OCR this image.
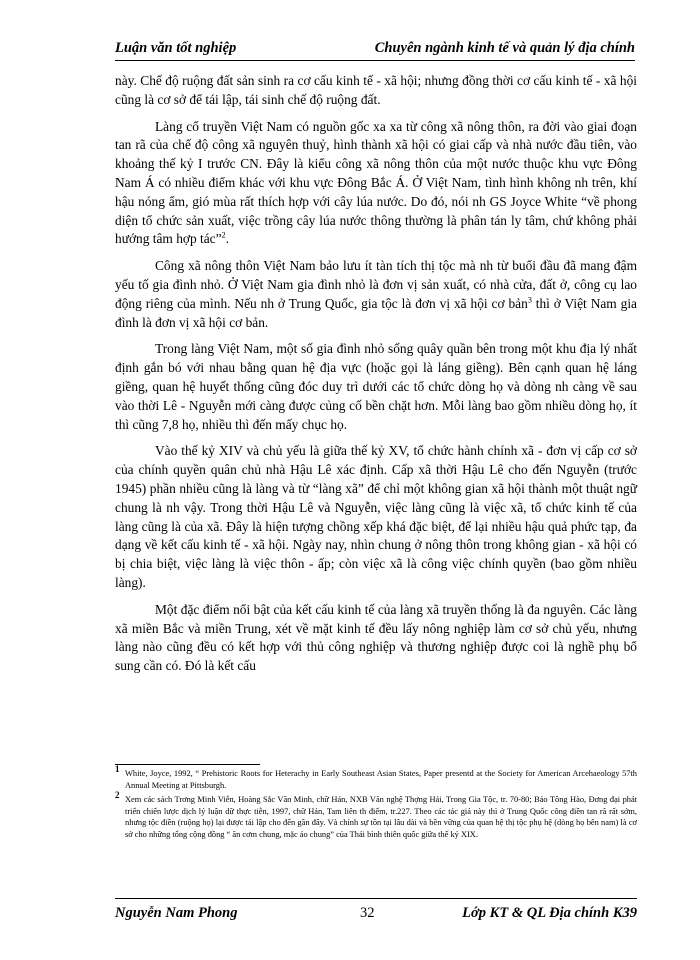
Luận văn tốt nghiệp	Chuyên ngành kinh tế và quản lý địa chính

này. Chế độ ruộng đất sản sinh ra cơ cấu kinh tế - xã hội; nhưng đồng thời cơ cấu kinh tế - xã hội cũng là cơ sở để tái lập, tái sinh chế độ ruộng đất.

Làng cổ truyền Việt Nam có nguồn gốc xa xa từ công xã nông thôn, ra đời vào giai đoạn tan rã của chế độ công xã nguyên thuỷ, hình thành xã hội có giai cấp và nhà nước đầu tiên, vào khoảng thế kỷ I trước CN. Đây là kiểu công xã nông thôn của một nước thuộc khu vực Đông Nam Á có nhiều điểm khác với khu vực Đông Bắc Á. Ở Việt Nam, tình hình không nh trên, khí hậu nóng ẩm, gió mùa rất thích hợp với cây lúa nước. Do đó, nói nh GS Joyce White “về phong diện tổ chức sản xuất, việc trồng cây lúa nước thông thường là phân tán ly tâm, chứ không phải hướng tâm hợp tác”$^2$.

Công xã nông thôn Việt Nam bảo lưu ít tàn tích thị tộc mà nh từ buổi đầu đã mang đậm yếu tố gia đình nhỏ. Ở Việt Nam gia đình nhỏ là đơn vị sản xuất, có nhà cửa, đất ở, công cụ lao động riêng của mình. Nếu nh ở Trung Quốc, gia tộc là đơn vị xã hội cơ bản$^3$ thì ở Việt Nam gia đình là đơn vị xã hội cơ bản.

Trong làng Việt Nam, một số gia đình nhỏ sống quây quần bên trong một khu địa lý nhất định gắn bó với nhau bằng quan hệ địa vực (hoặc gọi là láng giềng). Bên cạnh quan hệ láng giềng, quan hệ huyết thống cũng đóc duy trì dưới các tổ chức dòng họ và dòng nh càng về sau vào thời Lê - Nguyễn mới càng được củng cố bền chặt hơn. Mỗi làng bao gồm nhiều dòng họ, ít thì cũng 7,8 họ, nhiều thì đến mấy chục họ.

Vào thế kỷ XIV và chủ yếu là giữa thế kỷ XV, tổ chức hành chính xã - đơn vị cấp cơ sở của chính quyền quân chủ nhà Hậu Lê xác định. Cấp xã thời Hậu Lê cho đến Nguyễn (trước 1945) phần nhiều cũng là làng và từ “làng xã” để chỉ một không gian xã hội thành một thuật ngữ chung là nh vậy. Trong thời Hậu Lê và Nguyễn, việc làng cũng là việc xã, tổ chức kinh tế của làng cũng là của xã. Đây là hiện tượng chồng xếp khá đặc biệt, để lại nhiều hậu quả phức tạp, đa dạng về kết cấu kinh tế - xã hội. Ngày nay, nhìn chung ở nông thôn trong không gian - xã hội có bị chia biệt, việc làng là việc thôn - ấp; còn việc xã là công việc chính quyền (bao gồm nhiều làng).

Một đặc điểm nổi bật của kết cấu kinh tế của làng xã truyền thống là đa nguyên. Các làng xã miền Bắc và miền Trung, xét về mặt kinh tế đều lấy nông nghiệp làm cơ sở chủ yếu, nhưng làng nào cũng đều có kết hợp với thủ công nghiệp và thương nghiệp được coi là nghề phụ bổ sung cần có. Đó là kết cấu

1 White, Joyce, 1992, “ Prehistoric Roots for Heterachy in Early Southeast Asian States, Paper presentd at the Society for American Arcehaeology 57th Annual Meeting at Pittsburgh.
2 Xem các sách Trơng Minh Viễn, Hoàng Sắc Văn Minh, chữ Hán, NXB Văn nghệ Thợng Hải, Trong Gia Tộc, tr. 70-80; Bảo Tông Hào, Đơng đại phát triển chiến lược dịch lý luận dữ thực tiễn, 1997, chữ Hán, Tam liên th điếm, tr.227. Theo các tác giả này thì ở Trung Quốc công điền tan rã rất sớm, nhưng tộc điền (ruộng họ) lại được tái lập cho đến gần đây. Và chính sự tồn tại lâu dài và bền vững của quan hệ thị tộc phụ hệ (dòng họ bên nam) là cơ sở cho những tổng cộng đồng “ ăn cơm chung, mặc áo chung” của Thái bình thiên quốc giữa thế kỷ XIX.
Nguyễn Nam Phong	32	Lớp KT & QL Địa chính K39
